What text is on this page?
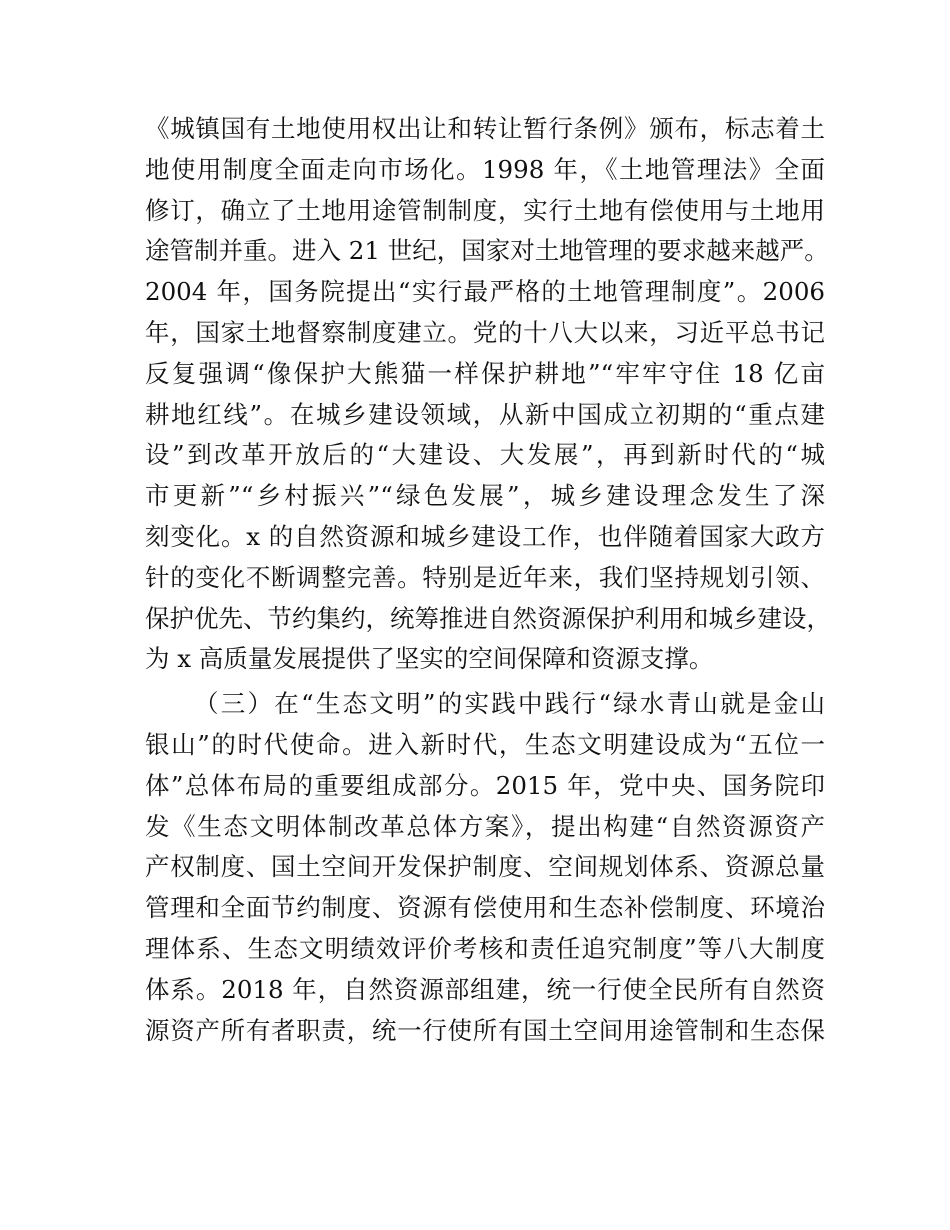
《城镇国有土地使用权出让和转让暂行条例》颁布，标志着土
地使用制度全面走向市场化。1998 年，《土地管理法》全面
修订，确立了土地用途管制制度，实行土地有偿使用与土地用
途管制并重。进入 21 世纪，国家对土地管理的要求越来越严。
2004 年，国务院提出“实行最严格的土地管理制度”。2006
年，国家土地督察制度建立。党的十八大以来，习近平总书记
反复强调“像保护大熊猫一样保护耕地”“牢牢守住 18 亿亩
耕地红线”。在城乡建设领域，从新中国成立初期的“重点建
设”到改革开放后的“大建设、大发展”，再到新时代的“城
市更新”“乡村振兴”“绿色发展”，城乡建设理念发生了深
刻变化。x 的自然资源和城乡建设工作，也伴随着国家大政方
针的变化不断调整完善。特别是近年来，我们坚持规划引领、
保护优先、节约集约，统筹推进自然资源保护利用和城乡建设，
为 x 高质量发展提供了坚实的空间保障和资源支撑。
（三）在“生态文明”的实践中践行“绿水青山就是金山
银山”的时代使命。进入新时代，生态文明建设成为“五位一
体”总体布局的重要组成部分。2015 年，党中央、国务院印
发《生态文明体制改革总体方案》，提出构建“自然资源资产
产权制度、国土空间开发保护制度、空间规划体系、资源总量
管理和全面节约制度、资源有偿使用和生态补偿制度、环境治
理体系、生态文明绩效评价考核和责任追究制度”等八大制度
体系。2018 年，自然资源部组建，统一行使全民所有自然资
源资产所有者职责，统一行使所有国土空间用途管制和生态保
